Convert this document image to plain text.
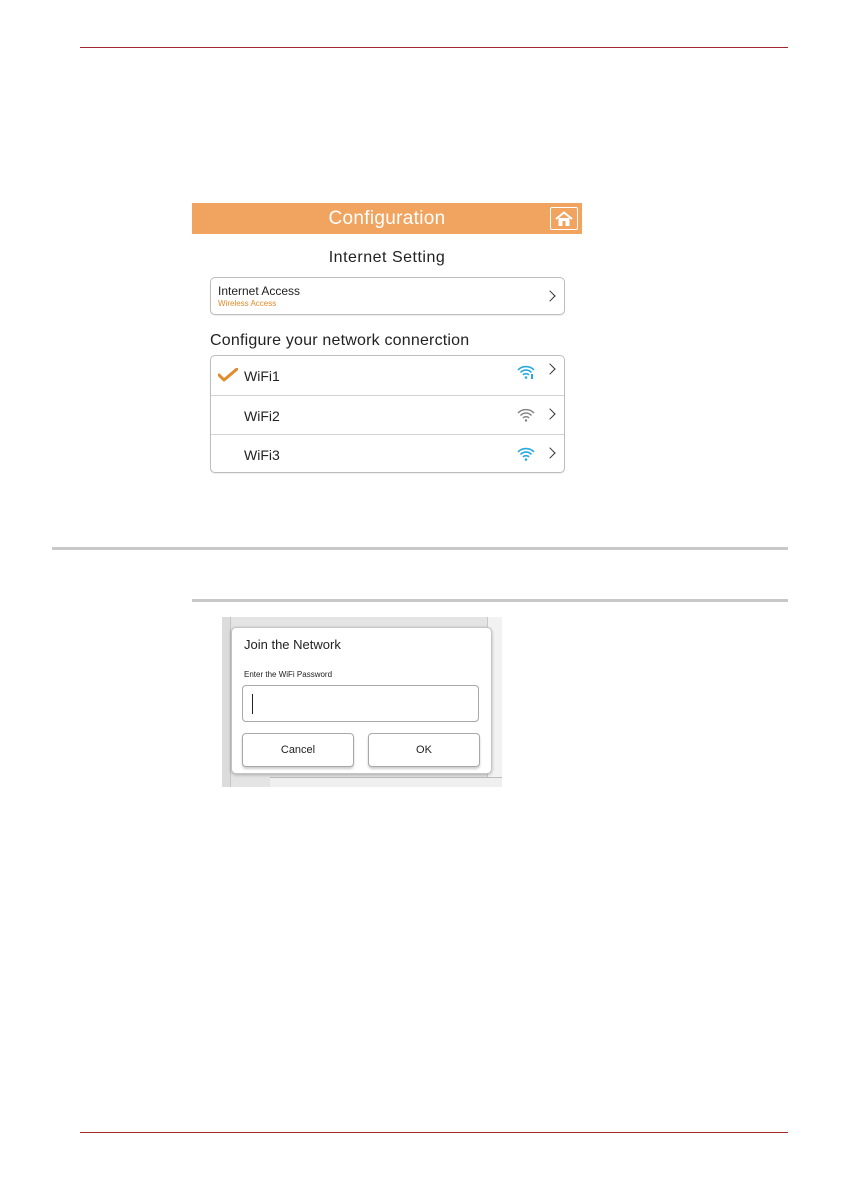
Configuration
Internet Setting
Internet Access
Wireless Access
Configure your network connerction
WiFi1
WiFi2
WiFi3
Join the Network
Enter the WiFi Password
Cancel	OK
